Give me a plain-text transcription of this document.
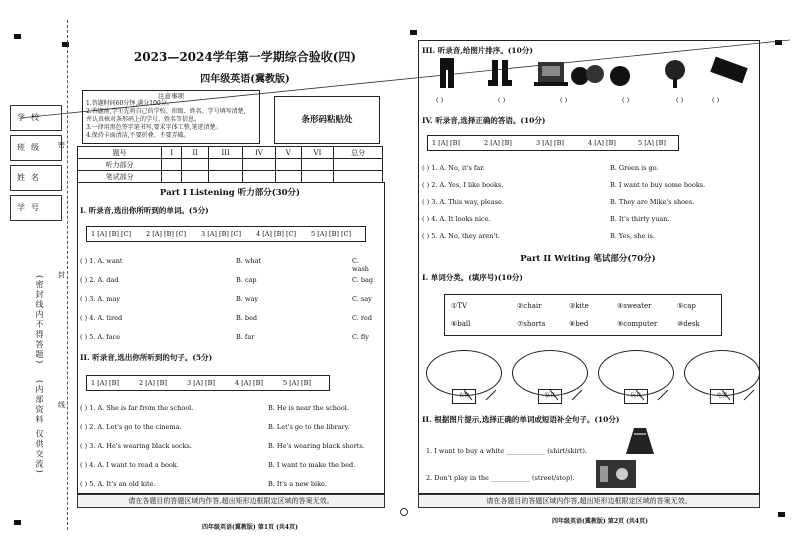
学校
班级
姓名
学号
(密封线内不得答题)
(内部资料 仅供交流)
密
封
线
2023—2024学年第一学期综合验收(四)
四年级英语(冀教版)
注意事项
1.答题时间60分钟,满分100分。
2.答题前,学生先将自己的学校、班级、姓名、学号填写清楚,
并认真核对条形码上的学号、姓名等信息。
3.一律用黑色签字笔书写,要求字体工整,笔迹清楚。
4.保持卡面清洁,不要折叠、不要弄破。
条形码粘贴处
题号	I	II	III	IV	V	VI	总分
听力部分							
笔试部分							
Part I Listening 听力部分(30分)
I. 听录音,选出你所听到的单词。(5分)
1 [A] [B] [C] 2 [A] [B] [C] 3 [A] [B] [C] 4 [A] [B] [C] 5 [A] [B] [C]
( ) 1. A. want	B. what	C. wash
( ) 2. A. dad	B. cap	C. bag
( ) 3. A. may	B. way	C. say
( ) 4. A. tired	B. bed	C. red
( ) 5. A. face	B. far	C. fly
II. 听录音,选出你所听到的句子。(5分)
1 [A] [B]	2 [A] [B]	3 [A] [B]	4 [A] [B]	5 [A] [B]
( ) 1. A. She is far from the school.	B. He is near the school.
( ) 2. A. Let's go to the cinema.	B. Let's go to the library.
( ) 3. A. He's wearing black socks.	B. He's wearing black shorts.
( ) 4. A. I want to read a book.	B. I want to make the bed.
( ) 5. A. It's an old kite.	B. It's a new bike.
请在各题目的答题区域内作答,超出矩形边框限定区域的答案无效。
四年级英语(冀教版) 第1页 (共4页)
III. 听录音,给图片排序。(10分)
( )	( )	( )	( )	( )	( )
IV. 听录音,选择正确的答语。(10分)
1 [A] [B]	2 [A] [B]	3 [A] [B]	4 [A] [B]	5 [A] [B]
( ) 1. A. No, it's far.	B. Green is go.
( ) 2. A. Yes, I like books.	B. I want to buy some books.
( ) 3. A. This way, please.	B. They are Mike's shoes.
( ) 4. A. It looks nice.	B. It's thirty yuan.
( ) 5. A. No, they aren't.	B. Yes, she is.
Part II Writing 笔试部分(70分)
I. 单词分类。(填序号)(10分)
①TV	②chair	③kite	④sweater	⑤cap
⑥ball	⑦shorts	⑧bed	⑨computer	⑩desk
衣物	家具	玩具	电器
II. 根据图片提示,选择正确的单词或短语补全句子。(10分)
1. I want to buy a white ____________ (shirt/skirt).
2. Don't play in the ____________ (street/stop).
请在各题目的答题区域内作答,超出矩形边框限定区域的答案无效。
四年级英语(冀教版) 第2页 (共4页)
